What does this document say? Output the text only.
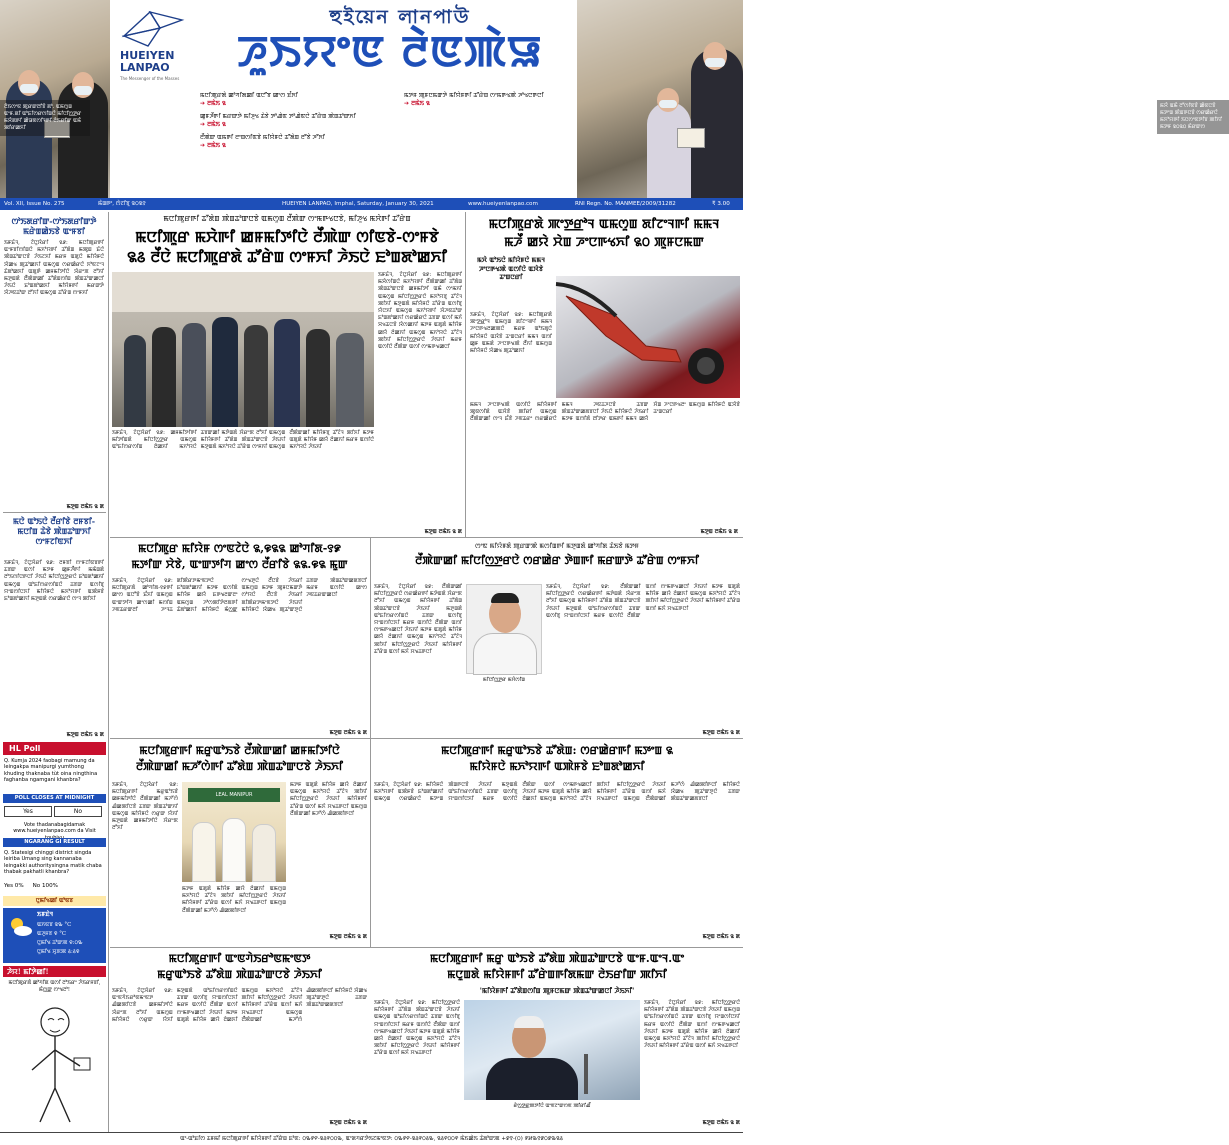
ꯂꯥꯏꯁꯦꯟ ꯄꯨꯔꯛꯂꯤꯕꯥ ꯗꯣ. ꯑꯃꯁꯨꯡ ꯑꯦꯝ.ꯗꯤ ꯑꯣꯐꯤꯁꯔꯁꯤꯡꯅꯥ ꯃꯤꯅꯤꯁ꯭ꯇꯔ ꯃꯆꯥꯗꯒꯤ ꯀꯥꯎꯟꯁꯤꯜꯒꯤ ꯂꯥꯏꯔꯤꯛ ꯑꯃꯥ ꯄꯤꯔꯀꯈꯤ
HUEIYEN LANPAO
The Messenger of the Masses
হুইয়েন লানপাউ
ꯍꯨꯏꯌꯦꯟ ꯂꯥꯟꯄꯥꯎ
ꯃꯅꯤꯄꯨꯔꯗꯥ ꯀꯣꯚꯤꯗꯀꯤ ꯑꯅꯧꯕ ꯀꯦꯁ ꯐꯪꯈꯤ
➔ ꯂꯃꯥꯏ ꯲
ꯀꯨꯝꯍꯩꯒꯤ ꯃꯔꯛꯇꯥ ꯃꯤꯍꯨꯠ ꯊꯥꯕꯥ ꯇꯣꯉꯥꯟ ꯇꯣꯉꯥꯟꯅꯥ ꯊꯧꯔꯥꯡ ꯄꯥꯡꯊꯣꯛꯈꯤ
➔ ꯂꯃꯥꯏ ꯲
ꯂꯩꯄꯥꯛ ꯑꯃꯒꯤ ꯂꯦꯡꯁꯤꯟꯕꯥ ꯃꯤꯌꯥꯝꯅꯥ ꯊꯧꯗꯥꯡ ꯂꯧꯕꯥ ꯍꯧꯈꯤ
➔ ꯂꯃꯥꯏ ꯲
ꯃꯇꯝ ꯄꯨꯝꯅꯃꯛꯇꯥ ꯃꯤꯌꯥꯝꯒꯤ ꯊꯧꯔꯥꯡ ꯁꯦꯃꯒꯠꯄꯥ ꯍꯣꯠꯅꯒꯅꯤ
➔ ꯂꯃꯥꯏ ꯲	ꯃꯆꯥ ꯑꯃꯥ ꯂꯧꯁꯤꯟꯕꯥ ꯀꯥꯟꯅꯕꯥ ꯃꯇꯦꯡ ꯄꯥꯡꯒꯅꯕꯥ ꯁꯔꯀꯥꯔꯅꯥ ꯃꯈꯣꯌꯒꯤ ꯏꯅꯁꯦꯟꯇꯤꯕ ꯄꯤꯈꯤ ꯃꯇꯝ ꯲꯰꯲꯰ ꯃꯥꯔꯛꯁ
Vol. XII, Issue No. 275	ꯃꯥꯡꯒꯦ, ꯁꯥꯖꯤꯕꯨ ꯲꯰꯲꯱	HUEIYEN LANPAO, Imphal, Saturday, January 30, 2021	www.hueiyenlanpao.com	RNI Regn. No. MANMEE/2009/31282	₹ 3.00
ꯁꯣꯏꯗꯔꯤꯛ-ꯁꯣꯏꯗꯔꯤꯛꯇꯥ ꯃꯔꯥꯡꯀꯥꯏꯕꯥ ꯑꯦꯝꯕꯤ
ꯏꯝꯐꯥꯜ, ꯖꯥꯅꯨꯋꯥꯔꯤ ꯲꯹: ꯃꯅꯤꯄꯨꯔꯒꯤ ꯑꯦꯝꯕꯤꯁꯤꯡꯅꯥ ꯃꯈꯣꯌꯒꯤ ꯊꯧꯗꯥꯡ ꯃꯄꯨꯡ ꯐꯥꯅꯥ ꯄꯥꯡꯊꯣꯛꯅꯕꯥ ꯍꯥꯏꯖꯈꯤ ꯃꯔꯝ ꯑꯗꯨꯅꯥ ꯃꯤꯌꯥꯝꯅꯥ ꯋꯥꯀꯠ ꯄꯨꯊꯣꯀꯈꯤ ꯑꯃꯁꯨꯡ ꯁꯔꯀꯥꯔꯅꯥ ꯈꯣꯟꯖꯦꯜ ꯊꯥꯗꯣꯀꯈꯤ ꯑꯗꯨꯒꯥ ꯀꯝꯃꯤꯇꯤꯅꯥ ꯋꯥꯔꯦꯞ ꯂꯧꯈꯤ ꯃꯇꯨꯡꯗꯥ ꯂꯩꯄꯥꯛꯀꯤ ꯊꯧꯗꯥꯡꯁꯤꯡ ꯄꯥꯡꯊꯣꯛꯀꯅꯤ ꯍꯥꯏꯅꯥ ꯐꯣꯡꯗꯣꯀꯈꯤ ꯃꯤꯌꯥꯝꯒꯤ ꯃꯔꯛꯇꯥ ꯋꯥꯍꯟꯊꯣꯛ ꯂꯧꯈꯤ ꯑꯃꯁꯨꯡ ꯊꯧꯔꯥꯡ ꯁꯦꯝꯈꯤ
ꯃꯇꯨꯡ ꯂꯃꯥꯏ ꯲ ꯗ
ꯃꯅꯥ ꯑꯣꯏꯅꯥ ꯂꯩꯔꯤꯕꯥ ꯂꯝꯕꯤ-ꯃꯅꯤꯡ ꯊꯥꯕꯥ ꯄꯥꯡꯊꯣꯛꯈꯤ ꯁꯦꯝꯖꯤꯟꯈꯤ
ꯏꯝꯐꯥꯜ, ꯖꯥꯅꯨꯋꯥꯔꯤ ꯲꯹: ꯂꯝꯕꯤ ꯁꯦꯝꯖꯤꯟꯕꯒꯤ ꯊꯕꯛ ꯑꯁꯤ ꯃꯇꯝ ꯀꯨꯝꯍꯩꯒꯤ ꯃꯃꯥꯡꯗꯥ ꯂꯣꯏꯁꯤꯅꯒꯅꯤ ꯍꯥꯏꯅꯥ ꯃꯤꯅꯤꯁ꯭ꯇꯔꯅꯥ ꯐꯣꯡꯗꯣꯀꯈꯤ ꯑꯃꯁꯨꯡ ꯑꯣꯐꯤꯁꯔꯁꯤꯡꯅꯥ ꯊꯕꯛ ꯑꯁꯤꯕꯨ ꯌꯦꯡꯁꯤꯅꯈꯤ ꯃꯤꯌꯥꯝꯅꯥ ꯃꯈꯣꯌꯒꯤ ꯑꯄꯥꯝꯕꯥ ꯐꯣꯡꯗꯣꯀꯈꯤ ꯃꯇꯨꯡꯗꯥ ꯁꯔꯀꯥꯔꯅꯥ ꯁꯦꯜ ꯄꯤꯈꯤ
ꯃꯇꯨꯡ ꯂꯃꯥꯏ ꯲ ꯗ
HL Poll
Q. Kumja 2024 faobagi mamung da leingakpa manipurgi yumthong khuding thaknaba tùt oina ningthina faghanba ngamgani khanbra?
POLL CLOSES AT MIDNIGHT
Yes	No
Vote thadanabagidamak www.hueiyenlanpao.com da Visit
NGARANG GI RESULT
Q. Statesigi chinggi district singda leiriba Umang sing kannanaba leingakki authoritysingna matik chaba thabak pakhatli khanbra?
Yes 0% No 100%
ꯅꯨꯃꯤꯠꯀꯤ ꯑꯣꯟꯕ
ꯏꯝꯐꯥꯜ
ꯑꯈꯟꯕ ꯲꯳ °C
ꯑꯍꯨꯝꯕ ꯶ °C
ꯅꯨꯃꯤꯠ ꯊꯣꯛꯄ ꯶:꯰꯳
ꯅꯨꯃꯤꯠ ꯆꯨꯞꯄ ꯴:꯴꯶
ꯍꯥꯌ! ꯃꯤꯇꯥꯀꯤ!
ꯃꯅꯤꯄꯨꯔꯗꯥ ꯀꯣꯚꯤꯗ ꯑꯁꯤ ꯂꯣꯏꯔꯦ ꯍꯥꯏꯔꯝꯕꯤ, ꯃꯥꯁ꯭ꯛ ꯁꯦꯠꯂꯣ!
ꯃꯅꯤꯄꯨꯔꯒꯤ ꯊꯧꯗꯥꯡ ꯄꯥꯡꯊꯣꯛꯅꯕꯥ ꯑꯃꯁꯨꯡ ꯂꯩꯄꯥꯛ ꯁꯦꯃꯒꯠꯅꯕꯥ, ꯃꯤꯍꯨꯠ ꯃꯆꯥꯒꯤ ꯊꯧꯔꯥꯡ
ꯃꯅꯤꯄꯨꯔ ꯃꯆꯥꯒꯤ ꯀꯝꯃꯤꯇꯤꯅꯥ ꯂꯩꯄꯥꯛ ꯁꯤꯟꯕꯥ-ꯁꯦꯝꯕꯥ
꯲꯴ ꯂꯩꯅꯥ ꯃꯅꯤꯄꯨꯔꯗꯥ ꯊꯧꯔꯥꯡ ꯁꯦꯝꯈꯤ ꯍꯥꯏꯅꯥ ꯐꯣꯡꯗꯣꯀꯈꯤ
ꯏꯝꯐꯥꯜ, ꯖꯥꯅꯨꯋꯥꯔꯤ ꯲꯹: ꯃꯅꯤꯄꯨꯔꯒꯤ ꯃꯆꯥꯁꯤꯡꯅꯥ ꯃꯈꯣꯌꯒꯤ ꯂꯩꯄꯥꯛꯀꯤ ꯊꯧꯗꯥꯡ ꯄꯥꯡꯊꯣꯛꯅꯕꯥ ꯀꯝꯃꯤꯇꯤ ꯑꯃꯥ ꯁꯦꯃꯈꯤ ꯑꯃꯁꯨꯡ ꯃꯤꯅꯤꯁ꯭ꯇꯔꯅꯥ ꯃꯈꯣꯌꯕꯨ ꯊꯧꯖꯥꯜ ꯄꯤꯈꯤ ꯃꯇꯨꯡꯗꯥ ꯃꯤꯌꯥꯝꯅꯥ ꯊꯧꯔꯥꯡ ꯑꯁꯤꯕꯨ ꯌꯥꯅꯈꯤ ꯑꯃꯁꯨꯡ ꯃꯈꯣꯌꯒꯤ ꯋꯥꯍꯟꯊꯣꯛ ꯐꯣꯡꯗꯣꯀꯈꯤ ꯁꯔꯀꯥꯔꯅꯥ ꯊꯕꯛ ꯑꯁꯤ ꯃꯈꯥ ꯆꯠꯊꯅꯕꯥ ꯋꯥꯁꯀꯈꯤ ꯃꯇꯝ ꯑꯗꯨꯗꯥ ꯃꯤꯌꯥꯝ ꯀꯌꯥ ꯂꯥꯀꯈꯤ ꯑꯃꯁꯨꯡ ꯃꯈꯣꯌꯅꯥ ꯊꯧꯖꯥꯜ ꯄꯤꯈꯤ ꯃꯤꯅꯤꯁ꯭ꯇꯔꯅꯥ ꯍꯥꯏꯈꯤ ꯃꯔꯝ ꯑꯁꯤꯅꯥ ꯂꯩꯄꯥꯛ ꯑꯁꯤ ꯁꯦꯃꯒꯠꯀꯅꯤ
ꯏꯝꯐꯥꯜ, ꯖꯥꯅꯨꯋꯥꯔꯤ ꯲꯹: ꯀꯝꯃꯤꯇꯤꯒꯤ ꯃꯤꯇꯤꯡꯗꯥ ꯃꯤꯅꯤꯁ꯭ꯇꯔ ꯑꯃꯁꯨꯡ ꯑꯣꯐꯤꯁꯔꯁꯤꯡ ꯂꯥꯀꯈꯤ ꯃꯈꯣꯌꯅꯥ ꯊꯕꯛꯀꯤ ꯃꯇꯥꯡꯗꯥ ꯋꯥꯔꯦꯞ ꯂꯧꯈꯤ ꯑꯃꯁꯨꯡ ꯃꯤꯌꯥꯝꯒꯤ ꯊꯧꯗꯥꯡ ꯄꯥꯡꯊꯣꯛꯅꯕꯥ ꯍꯥꯏꯈꯤ ꯃꯇꯨꯡꯗꯥ ꯃꯈꯣꯌꯅꯥ ꯊꯧꯔꯥꯡ ꯁꯦꯝꯈꯤ ꯑꯃꯁꯨꯡ ꯂꯩꯄꯥꯛꯀꯤ ꯃꯤꯌꯥꯝꯕꯨ ꯊꯧꯖꯥꯜ ꯄꯤꯈꯤ ꯃꯇꯝ ꯑꯗꯨꯗꯥ ꯃꯤꯌꯥꯝ ꯀꯌꯥ ꯂꯥꯀꯈꯤ ꯃꯔꯝ ꯑꯁꯤꯅꯥ ꯃꯈꯣꯌꯅꯥ ꯍꯥꯏꯈꯤ
ꯃꯇꯨꯡ ꯂꯃꯥꯏ ꯲ ꯗ
ꯃꯅꯤꯄꯨꯔꯗꯥ ꯄꯦꯇ꯭ꯔꯣꯜ ꯑꯃꯁꯨꯡ ꯗꯤꯖꯦꯜꯒꯤ ꯃꯃꯜ
ꯃꯍꯩ ꯀꯌꯥ ꯆꯥꯡ ꯍꯦꯅꯒꯠꯈꯤ ꯲꯰ ꯄꯨꯝꯅꯃꯛ
ꯃꯆꯥ ꯑꯣꯏꯅꯥ ꯃꯤꯌꯥꯝꯅꯥ ꯃꯃꯜ ꯍꯦꯅꯒꯠꯄꯥ ꯑꯁꯤꯅꯥ ꯑꯋꯥꯕꯥ ꯊꯦꯡꯅꯔꯤ
ꯏꯝꯐꯥꯜ, ꯖꯥꯅꯨꯋꯥꯔꯤ ꯲꯹: ꯃꯅꯤꯄꯨꯔꯗꯥ ꯄꯦꯇ꯭ꯔꯣꯜ ꯑꯃꯁꯨꯡ ꯗꯤꯖꯦꯜꯒꯤ ꯃꯃꯜ ꯍꯦꯅꯒꯠꯂꯀꯄꯅꯥ ꯃꯔꯝ ꯑꯣꯏꯗꯨꯅꯥ ꯃꯤꯌꯥꯝꯅꯥ ꯑꯋꯥꯕꯥ ꯊꯦꯡꯅꯔꯤ ꯃꯃꯜ ꯑꯁꯤ ꯀꯨꯝ ꯑꯃꯗꯥ ꯍꯦꯅꯒꯠꯄꯥ ꯂꯩꯈꯤ ꯑꯃꯁꯨꯡ ꯃꯤꯌꯥꯝꯅꯥ ꯋꯥꯀꯠ ꯄꯨꯊꯣꯀꯈꯤ
ꯃꯃꯜ ꯍꯦꯅꯒꯠꯄꯥ ꯑꯁꯤꯅꯥ ꯃꯤꯌꯥꯝꯒꯤ ꯄꯨꯟꯁꯤꯗꯥ ꯑꯋꯥꯕꯥ ꯄꯤꯔꯤ ꯑꯃꯁꯨꯡ ꯂꯩꯄꯥꯛꯀꯤ ꯁꯦꯜ ꯐꯪꯕꯥ ꯍꯟꯊꯔꯦ ꯁꯔꯀꯥꯔꯅꯥ ꯃꯃꯜ ꯍꯟꯊꯍꯅꯕꯥ ꯊꯕꯛ ꯄꯥꯡꯊꯣꯛꯀꯗꯕꯅꯤ ꯍꯥꯏꯅꯥ ꯃꯤꯌꯥꯝꯅꯥ ꯍꯥꯏꯔꯤ ꯃꯇꯝ ꯑꯁꯤꯗꯥ ꯂꯤꯇꯔ ꯑꯃꯒꯤ ꯃꯃꯜ ꯀꯌꯥ ꯆꯥꯡ ꯍꯦꯅꯒꯠꯂꯦ ꯑꯃꯁꯨꯡ ꯃꯤꯌꯥꯝꯅꯥ ꯑꯋꯥꯕꯥ ꯊꯦꯡꯅꯔꯤ
ꯃꯇꯨꯡ ꯂꯃꯥꯏ ꯲ ꯗ
ꯃꯅꯤꯄꯨꯔ ꯃꯤꯌꯥꯝ ꯁꯦꯟꯖꯥꯅꯥ ꯲,꯶꯲꯲ ꯀꯣꯚꯤꯗ-꯱꯹
ꯃꯇꯤꯛ ꯆꯥꯕꯥ, ꯑꯦꯛꯇꯤꯚ ꯀꯦꯁ ꯂꯩꯔꯤꯕꯥ ꯲꯲.꯶꯲ ꯃꯨꯛ
ꯏꯝꯐꯥꯜ, ꯖꯥꯅꯨꯋꯥꯔꯤ ꯲꯹: ꯃꯅꯤꯄꯨꯔꯗꯥ ꯀꯣꯚꯤꯗ-꯱꯹ꯒꯤ ꯀꯦꯁ ꯑꯅꯧꯕꯥ ꯐꯪꯈꯤ ꯑꯃꯁꯨꯡ ꯑꯦꯛꯇꯤꯚ ꯀꯦꯁꯀꯤ ꯃꯁꯤꯡ ꯍꯟꯊꯔꯛꯂꯤ ꯍꯦꯜꯊ ꯗꯤꯄꯥꯔꯇꯃꯦꯟꯇꯅꯥ ꯐꯣꯡꯗꯣꯀꯈꯤ ꯃꯇꯝ ꯑꯁꯤꯗꯥ ꯃꯤꯌꯥꯝ ꯀꯌꯥ ꯐꯒꯠꯂꯛꯂꯦ ꯑꯃꯁꯨꯡ ꯍꯣꯁꯄꯤꯇꯥꯂꯗꯒꯤ ꯊꯥꯗꯣꯀꯈꯤ ꯃꯤꯌꯥꯝꯅꯥ ꯃꯥꯁ꯭ꯛ ꯁꯦꯠꯇꯨꯅꯥ ꯂꯩꯅꯕꯥ ꯍꯥꯏꯔꯤ ꯑꯃꯁꯨꯡ ꯃꯇꯝ ꯄꯨꯝꯅꯃꯛꯇꯥ ꯁꯣꯌꯅꯥ ꯂꯩꯅꯕꯥ ꯍꯥꯏꯔꯤ ꯗꯤꯄꯥꯔꯇꯃꯦꯟꯇꯅꯥ ꯍꯥꯏꯈꯤ ꯃꯤꯌꯥꯝꯅꯥ ꯋꯥꯀꯠ ꯄꯨꯊꯣꯛꯇꯨꯅꯥ ꯊꯕꯛ ꯄꯥꯡꯊꯣꯛꯀꯗꯕꯅꯤ ꯃꯔꯝ ꯑꯁꯤꯅꯥ ꯀꯦꯁ ꯍꯟꯊꯔꯛꯀꯅꯤ
ꯃꯇꯨꯡ ꯂꯃꯥꯏ ꯲ ꯗ
ꯁꯦꯟ ꯃꯤꯌꯥꯝꯗꯥ ꯄꯨꯔꯛꯄꯥ ꯃꯁꯤꯡꯒꯤ ꯃꯇꯨꯡꯗꯥ ꯀꯣꯚꯤꯗ ꯊꯥꯏꯕꯥ ꯃꯇꯝ
ꯂꯩꯄꯥꯛꯀꯤ ꯃꯤꯅꯤꯁ꯭ꯇꯔꯅꯥ ꯁꯔꯀꯥꯔ ꯇꯥꯡꯒꯤ ꯃꯔꯛꯇꯥ ꯊꯧꯔꯥꯡ ꯁꯦꯝꯈꯤ
ꯃꯤꯅꯤꯁ꯭ꯇꯔ ꯃꯆꯥꯁꯤꯡ
ꯏꯝꯐꯥꯜ, ꯖꯥꯅꯨꯋꯥꯔꯤ ꯲꯹: ꯂꯩꯄꯥꯛꯀꯤ ꯃꯤꯅꯤꯁ꯭ꯇꯔꯅꯥ ꯁꯔꯀꯥꯔꯒꯤ ꯃꯇꯥꯡꯗꯥ ꯋꯥꯔꯦꯞ ꯂꯧꯈꯤ ꯑꯃꯁꯨꯡ ꯃꯤꯌꯥꯝꯒꯤ ꯊꯧꯗꯥꯡ ꯄꯥꯡꯊꯣꯛꯅꯕꯥ ꯍꯥꯏꯈꯤ ꯃꯇꯨꯡꯗꯥ ꯑꯣꯐꯤꯁꯔꯁꯤꯡꯅꯥ ꯊꯕꯛ ꯑꯁꯤꯕꯨ ꯌꯦꯡꯁꯤꯅꯈꯤ ꯃꯔꯝ ꯑꯁꯤꯅꯥ ꯂꯩꯄꯥꯛ ꯑꯁꯤ ꯁꯦꯃꯒꯠꯀꯅꯤ ꯍꯥꯏꯈꯤ ꯃꯇꯝ ꯑꯗꯨꯗꯥ ꯃꯤꯌꯥꯝ ꯀꯌꯥ ꯂꯥꯀꯈꯤ ꯑꯃꯁꯨꯡ ꯃꯈꯣꯌꯅꯥ ꯊꯧꯖꯥꯜ ꯄꯤꯈꯤ ꯃꯤꯅꯤꯁ꯭ꯇꯔꯅꯥ ꯍꯥꯏꯈꯤ ꯃꯤꯌꯥꯝꯒꯤ ꯊꯧꯔꯥꯡ ꯑꯁꯤ ꯃꯈꯥ ꯆꯠꯊꯒꯅꯤ
ꯏꯝꯐꯥꯜ, ꯖꯥꯅꯨꯋꯥꯔꯤ ꯲꯹: ꯂꯩꯄꯥꯛꯀꯤ ꯃꯤꯅꯤꯁ꯭ꯇꯔꯅꯥ ꯁꯔꯀꯥꯔꯒꯤ ꯃꯇꯥꯡꯗꯥ ꯋꯥꯔꯦꯞ ꯂꯧꯈꯤ ꯑꯃꯁꯨꯡ ꯃꯤꯌꯥꯝꯒꯤ ꯊꯧꯗꯥꯡ ꯄꯥꯡꯊꯣꯛꯅꯕꯥ ꯍꯥꯏꯈꯤ ꯃꯇꯨꯡꯗꯥ ꯑꯣꯐꯤꯁꯔꯁꯤꯡꯅꯥ ꯊꯕꯛ ꯑꯁꯤꯕꯨ ꯌꯦꯡꯁꯤꯅꯈꯤ ꯃꯔꯝ ꯑꯁꯤꯅꯥ ꯂꯩꯄꯥꯛ ꯑꯁꯤ ꯁꯦꯃꯒꯠꯀꯅꯤ ꯍꯥꯏꯈꯤ ꯃꯇꯝ ꯑꯗꯨꯗꯥ ꯃꯤꯌꯥꯝ ꯀꯌꯥ ꯂꯥꯀꯈꯤ ꯑꯃꯁꯨꯡ ꯃꯈꯣꯌꯅꯥ ꯊꯧꯖꯥꯜ ꯄꯤꯈꯤ ꯃꯤꯅꯤꯁ꯭ꯇꯔꯅꯥ ꯍꯥꯏꯈꯤ ꯃꯤꯌꯥꯝꯒꯤ ꯊꯧꯔꯥꯡ ꯑꯁꯤ ꯃꯈꯥ ꯆꯠꯊꯒꯅꯤ
ꯃꯇꯨꯡ ꯂꯃꯥꯏ ꯲ ꯗ
ꯃꯅꯤꯄꯨꯔꯒꯤ ꯃꯔꯨꯑꯣꯏꯕꯥ ꯂꯩꯄꯥꯛꯀꯤ ꯀꯝꯃꯤꯇꯤꯅꯥ
ꯂꯩꯄꯥꯛꯀꯤ ꯃꯍꯧꯁꯥꯒꯤ ꯊꯧꯗꯥꯡ ꯄꯥꯡꯊꯣꯛꯅꯕꯥ ꯍꯥꯏꯈꯤ
ꯏꯝꯐꯥꯜ, ꯖꯥꯅꯨꯋꯥꯔꯤ ꯲꯹: ꯃꯅꯤꯄꯨꯔꯒꯤ ꯃꯔꯨꯑꯣꯏꯕꯥ ꯀꯝꯃꯤꯇꯤꯅꯥ ꯂꯩꯄꯥꯛꯀꯤ ꯃꯍꯧꯁꯥ ꯉꯥꯀꯄꯤꯅꯕꯥ ꯊꯕꯛ ꯄꯥꯡꯊꯣꯛꯈꯤ ꯑꯃꯁꯨꯡ ꯃꯤꯌꯥꯝꯅꯥ ꯁꯔꯨꯛ ꯌꯥꯈꯤ ꯃꯇꯨꯡꯗꯥ ꯀꯝꯃꯤꯇꯤꯅꯥ ꯋꯥꯔꯦꯞ ꯂꯧꯈꯤ
LEAL MANIPUR
ꯃꯇꯝ ꯑꯗꯨꯗꯥ ꯃꯤꯌꯥꯝ ꯀꯌꯥ ꯂꯥꯀꯈꯤ ꯑꯃꯁꯨꯡ ꯃꯈꯣꯌꯅꯥ ꯊꯧꯖꯥꯜ ꯄꯤꯈꯤ ꯃꯤꯅꯤꯁ꯭ꯇꯔꯅꯥ ꯍꯥꯏꯈꯤ ꯃꯤꯌꯥꯝꯒꯤ ꯊꯧꯔꯥꯡ ꯑꯁꯤ ꯃꯈꯥ ꯆꯠꯊꯒꯅꯤ ꯑꯃꯁꯨꯡ ꯂꯩꯄꯥꯛꯀꯤ ꯃꯍꯧꯁꯥ ꯉꯥꯀꯄꯤꯒꯅꯤ
ꯃꯇꯝ ꯑꯗꯨꯗꯥ ꯃꯤꯌꯥꯝ ꯀꯌꯥ ꯂꯥꯀꯈꯤ ꯑꯃꯁꯨꯡ ꯃꯈꯣꯌꯅꯥ ꯊꯧꯖꯥꯜ ꯄꯤꯈꯤ ꯃꯤꯅꯤꯁ꯭ꯇꯔꯅꯥ ꯍꯥꯏꯈꯤ ꯃꯤꯌꯥꯝꯒꯤ ꯊꯧꯔꯥꯡ ꯑꯁꯤ ꯃꯈꯥ ꯆꯠꯊꯒꯅꯤ ꯑꯃꯁꯨꯡ ꯂꯩꯄꯥꯛꯀꯤ ꯃꯍꯧꯁꯥ ꯉꯥꯀꯄꯤꯒꯅꯤ
ꯃꯇꯨꯡ ꯂꯃꯥꯏ ꯲ ꯗ
ꯃꯅꯤꯄꯨꯔꯒꯤ ꯃꯔꯨꯑꯣꯏꯕꯥ ꯊꯧꯗꯥꯡ: ꯁꯔꯀꯥꯔꯒꯤ ꯃꯇꯦꯡ ꯲
ꯃꯤꯌꯥꯝꯅꯥ ꯃꯈꯣꯌꯒꯤ ꯑꯄꯥꯝꯕꯥ ꯐꯣꯡꯗꯣꯀꯈꯤ
ꯏꯝꯐꯥꯜ, ꯖꯥꯅꯨꯋꯥꯔꯤ ꯲꯹: ꯃꯤꯌꯥꯝꯅꯥ ꯃꯈꯣꯌꯒꯤ ꯑꯄꯥꯝꯕꯥ ꯐꯣꯡꯗꯣꯀꯈꯤ ꯑꯃꯁꯨꯡ ꯁꯔꯀꯥꯔꯅꯥ ꯃꯇꯦꯡ ꯄꯥꯡꯒꯅꯕꯥ ꯍꯥꯏꯈꯤ ꯃꯇꯨꯡꯗꯥ ꯑꯣꯐꯤꯁꯔꯁꯤꯡꯅꯥ ꯊꯕꯛ ꯑꯁꯤꯕꯨ ꯌꯦꯡꯁꯤꯅꯈꯤ ꯃꯔꯝ ꯑꯁꯤꯅꯥ ꯂꯩꯄꯥꯛ ꯑꯁꯤ ꯁꯦꯃꯒꯠꯀꯅꯤ ꯍꯥꯏꯈꯤ ꯃꯇꯝ ꯑꯗꯨꯗꯥ ꯃꯤꯌꯥꯝ ꯀꯌꯥ ꯂꯥꯀꯈꯤ ꯑꯃꯁꯨꯡ ꯃꯈꯣꯌꯅꯥ ꯊꯧꯖꯥꯜ ꯄꯤꯈꯤ ꯃꯤꯅꯤꯁ꯭ꯇꯔꯅꯥ ꯍꯥꯏꯈꯤ ꯃꯤꯌꯥꯝꯒꯤ ꯊꯧꯔꯥꯡ ꯑꯁꯤ ꯃꯈꯥ ꯆꯠꯊꯒꯅꯤ ꯑꯃꯁꯨꯡ ꯂꯩꯄꯥꯛꯀꯤ ꯃꯍꯧꯁꯥ ꯉꯥꯀꯄꯤꯒꯅꯤ ꯃꯤꯌꯥꯝꯅꯥ ꯋꯥꯀꯠ ꯄꯨꯊꯣꯛꯇꯨꯅꯥ ꯊꯕꯛ ꯄꯥꯡꯊꯣꯛꯀꯗꯕꯅꯤ
ꯃꯇꯨꯡ ꯂꯃꯥꯏ ꯲ ꯗ
ꯃꯅꯤꯄꯨꯔꯒꯤ ꯑꯦꯟꯚꯥꯏꯔꯣꯟꯃꯦꯟꯇ
ꯃꯔꯨꯑꯣꯏꯕꯥ ꯊꯧꯗꯥꯡ ꯄꯥꯡꯊꯣꯛꯅꯕꯥ ꯍꯥꯏꯈꯤ
ꯏꯝꯐꯥꯜ, ꯖꯥꯅꯨꯋꯥꯔꯤ ꯲꯹: ꯑꯦꯟꯚꯥꯏꯔꯣꯟꯃꯦꯟꯇ ꯉꯥꯀꯄꯤꯅꯕꯥ ꯀꯝꯃꯤꯇꯤꯅꯥ ꯋꯥꯔꯦꯞ ꯂꯧꯈꯤ ꯑꯃꯁꯨꯡ ꯃꯤꯌꯥꯝꯅꯥ ꯁꯔꯨꯛ ꯌꯥꯈꯤ ꯃꯇꯨꯡꯗꯥ ꯑꯣꯐꯤꯁꯔꯁꯤꯡꯅꯥ ꯊꯕꯛ ꯑꯁꯤꯕꯨ ꯌꯦꯡꯁꯤꯅꯈꯤ ꯃꯔꯝ ꯑꯁꯤꯅꯥ ꯂꯩꯄꯥꯛ ꯑꯁꯤ ꯁꯦꯃꯒꯠꯀꯅꯤ ꯍꯥꯏꯈꯤ ꯃꯇꯝ ꯑꯗꯨꯗꯥ ꯃꯤꯌꯥꯝ ꯀꯌꯥ ꯂꯥꯀꯈꯤ ꯑꯃꯁꯨꯡ ꯃꯈꯣꯌꯅꯥ ꯊꯧꯖꯥꯜ ꯄꯤꯈꯤ ꯃꯤꯅꯤꯁ꯭ꯇꯔꯅꯥ ꯍꯥꯏꯈꯤ ꯃꯤꯌꯥꯝꯒꯤ ꯊꯧꯔꯥꯡ ꯑꯁꯤ ꯃꯈꯥ ꯆꯠꯊꯒꯅꯤ ꯑꯃꯁꯨꯡ ꯂꯩꯄꯥꯛꯀꯤ ꯃꯍꯧꯁꯥ ꯉꯥꯀꯄꯤꯒꯅꯤ ꯃꯤꯌꯥꯝꯅꯥ ꯋꯥꯀꯠ ꯄꯨꯊꯣꯛꯇꯨꯅꯥ ꯊꯕꯛ ꯄꯥꯡꯊꯣꯛꯀꯗꯕꯅꯤ
ꯃꯇꯨꯡ ꯂꯃꯥꯏ ꯲ ꯗ
ꯃꯅꯤꯄꯨꯔꯒꯤ ꯃꯔꯨ ꯑꯣꯏꯕꯥ ꯊꯧꯗꯥꯡ ꯄꯥꯡꯊꯣꯛꯅꯕꯥ ꯑꯦꯝ.ꯑꯦꯜ.ꯑꯦ
ꯃꯅꯨꯡꯗꯥ ꯃꯤꯌꯥꯝꯒꯤ ꯊꯧꯔꯥꯡꯒꯤꯗꯃꯛ ꯂꯥꯏꯔꯤꯛ ꯄꯤꯈꯤ
'ꯃꯤꯌꯥꯝꯒꯤ ꯊꯧꯗꯥꯡꯁꯤꯡ ꯄꯨꯝꯅꯃꯛ ꯄꯥꯡꯊꯣꯛꯀꯅꯤ ꯍꯥꯏꯈꯤ'
ꯏꯝꯐꯥꯜ, ꯖꯥꯅꯨꯋꯥꯔꯤ ꯲꯹: ꯃꯤꯅꯤꯁ꯭ꯇꯔꯅꯥ ꯃꯤꯌꯥꯝꯒꯤ ꯊꯧꯗꯥꯡ ꯄꯥꯡꯊꯣꯛꯅꯕꯥ ꯍꯥꯏꯈꯤ ꯑꯃꯁꯨꯡ ꯑꯣꯐꯤꯁꯔꯁꯤꯡꯅꯥ ꯊꯕꯛ ꯑꯁꯤꯕꯨ ꯌꯦꯡꯁꯤꯅꯈꯤ ꯃꯔꯝ ꯑꯁꯤꯅꯥ ꯂꯩꯄꯥꯛ ꯑꯁꯤ ꯁꯦꯃꯒꯠꯀꯅꯤ ꯍꯥꯏꯈꯤ ꯃꯇꯝ ꯑꯗꯨꯗꯥ ꯃꯤꯌꯥꯝ ꯀꯌꯥ ꯂꯥꯀꯈꯤ ꯑꯃꯁꯨꯡ ꯃꯈꯣꯌꯅꯥ ꯊꯧꯖꯥꯜ ꯄꯤꯈꯤ ꯃꯤꯅꯤꯁ꯭ꯇꯔꯅꯥ ꯍꯥꯏꯈꯤ ꯃꯤꯌꯥꯝꯒꯤ ꯊꯧꯔꯥꯡ ꯑꯁꯤ ꯃꯈꯥ ꯆꯠꯊꯒꯅꯤ
ꯔꯥꯁ꯭ꯇ꯭ꯔꯄꯇꯤꯅꯥ ꯑꯦꯟꯖꯦꯛꯁꯟ ꯄꯤꯔꯤꯉꯩ
ꯏꯝꯐꯥꯜ, ꯖꯥꯅꯨꯋꯥꯔꯤ ꯲꯹: ꯃꯤꯅꯤꯁ꯭ꯇꯔꯅꯥ ꯃꯤꯌꯥꯝꯒꯤ ꯊꯧꯗꯥꯡ ꯄꯥꯡꯊꯣꯛꯅꯕꯥ ꯍꯥꯏꯈꯤ ꯑꯃꯁꯨꯡ ꯑꯣꯐꯤꯁꯔꯁꯤꯡꯅꯥ ꯊꯕꯛ ꯑꯁꯤꯕꯨ ꯌꯦꯡꯁꯤꯅꯈꯤ ꯃꯔꯝ ꯑꯁꯤꯅꯥ ꯂꯩꯄꯥꯛ ꯑꯁꯤ ꯁꯦꯃꯒꯠꯀꯅꯤ ꯍꯥꯏꯈꯤ ꯃꯇꯝ ꯑꯗꯨꯗꯥ ꯃꯤꯌꯥꯝ ꯀꯌꯥ ꯂꯥꯀꯈꯤ ꯑꯃꯁꯨꯡ ꯃꯈꯣꯌꯅꯥ ꯊꯧꯖꯥꯜ ꯄꯤꯈꯤ ꯃꯤꯅꯤꯁ꯭ꯇꯔꯅꯥ ꯍꯥꯏꯈꯤ ꯃꯤꯌꯥꯝꯒꯤ ꯊꯧꯔꯥꯡ ꯑꯁꯤ ꯃꯈꯥ ꯆꯠꯊꯒꯅꯤ
ꯃꯇꯨꯡ ꯂꯃꯥꯏ ꯲ ꯗ
ꯑꯦ-ꯑꯣꯐꯤꯁ ꯊꯝꯃꯤ ꯃꯅꯤꯄꯨꯔꯒꯤ ꯃꯤꯌꯥꯝꯒꯤ ꯊꯧꯔꯥꯡ ꯐꯣꯟ: ꯰꯳꯸꯵-꯲꯴꯵꯰꯰꯳, ꯑꯦꯗꯚꯔꯇꯥꯏꯖꯃꯦꯟꯇ: ꯰꯳꯸꯵-꯲꯴꯵꯰꯴꯳, ꯲꯴꯵꯰꯰꯵ ꯃꯥꯏꯀꯥꯏ ꯊꯥꯗꯣꯛꯄ +꯹꯱-(꯰) ꯸꯷꯳꯱꯹꯰꯹꯳꯲꯴
